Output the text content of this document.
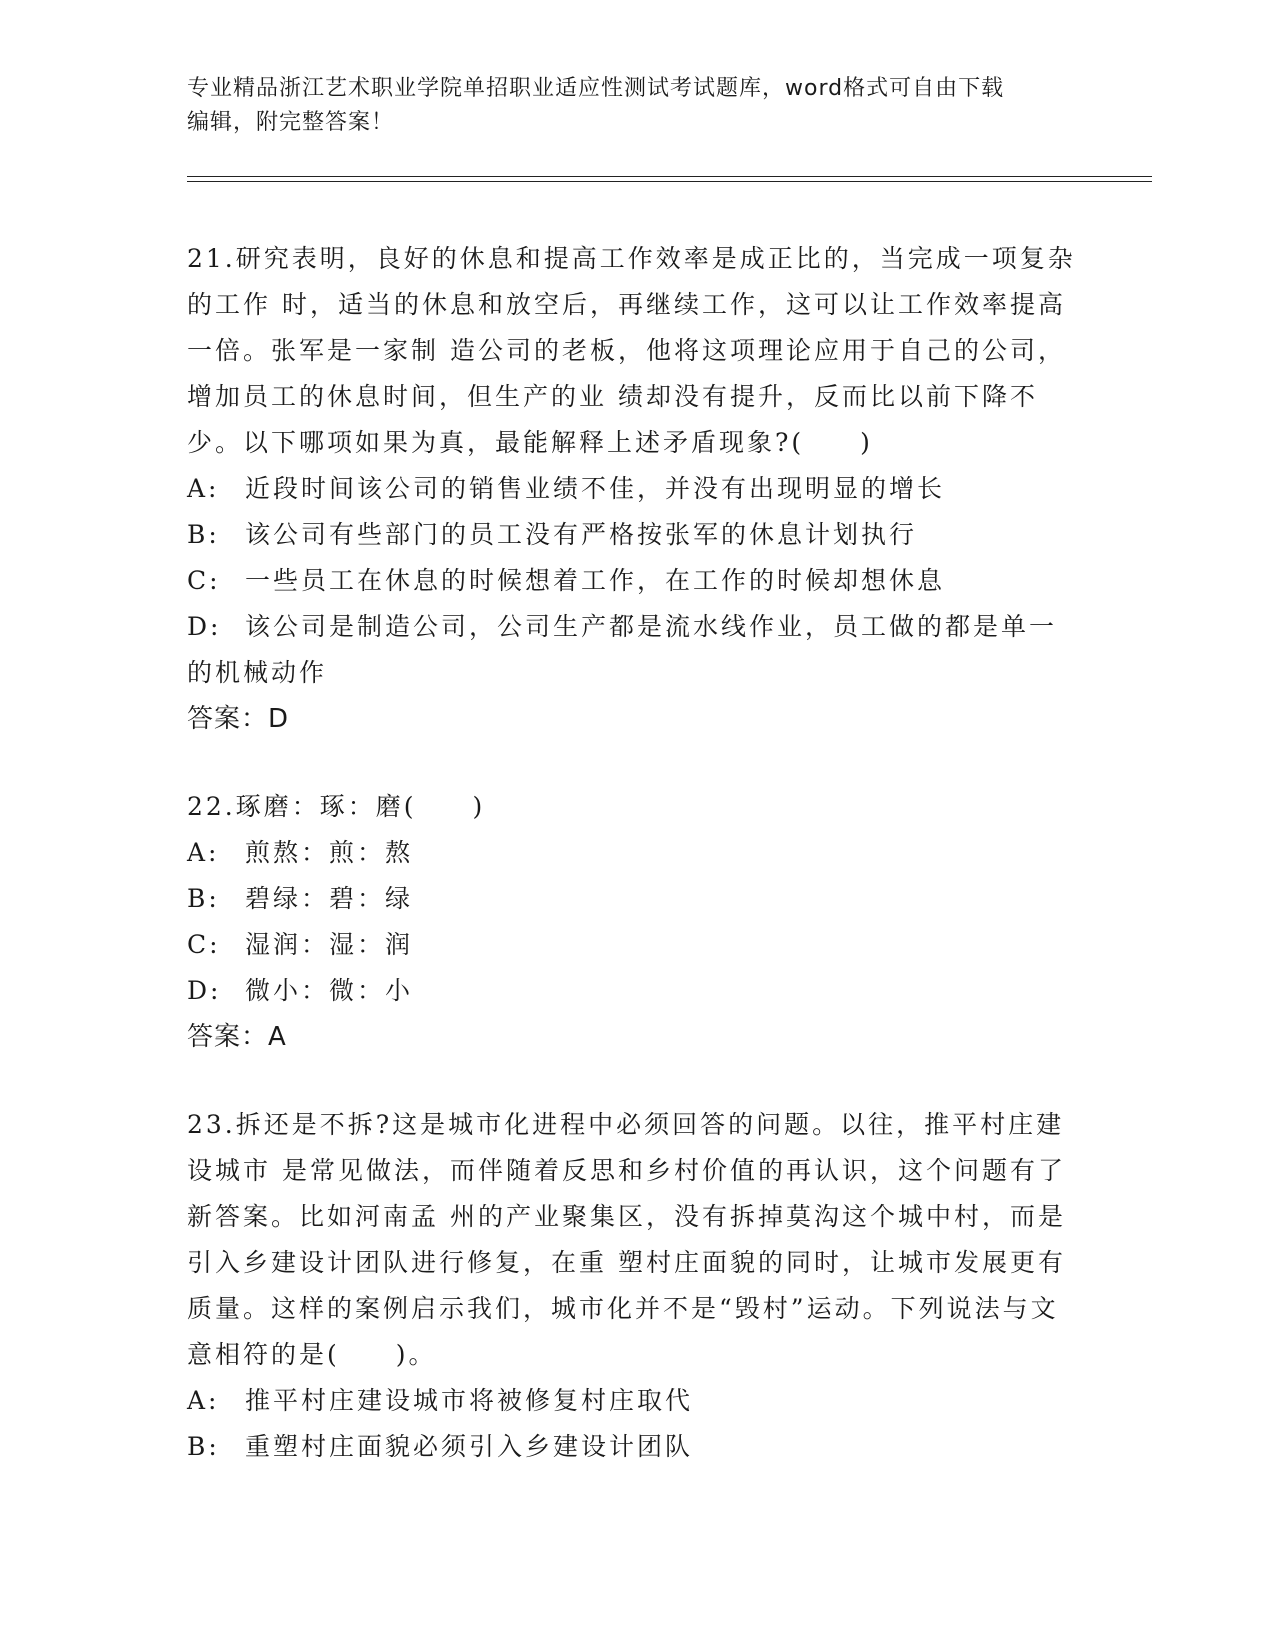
专业精品浙江艺术职业学院单招职业适应性测试考试题库，word格式可自由下载
编辑，附完整答案！

21.研究表明，良好的休息和提高工作效率是成正比的，当完成一项复杂的工作 时，适当的休息和放空后，再继续工作，这可以让工作效率提高一倍。张军是一家制 造公司的老板，他将这项理论应用于自己的公司，增加员工的休息时间，但生产的业 绩却没有提升，反而比以前下降不少。以下哪项如果为真，最能解释上述矛盾现象?(　　)

A:	近段时间该公司的销售业绩不佳，并没有出现明显的增长
B:	该公司有些部门的员工没有严格按张军的休息计划执行
C: 一些员工在休息的时候想着工作，在工作的时候却想休息
D: 该公司是制造公司，公司生产都是流水线作业，员工做的都是单一的机械动作

答案：D

22.琢磨：琢：磨(　　)

A:	煎熬：煎：熬
B:	碧绿：碧：绿
C: 湿润：湿：润
D: 微小：微：小

答案：A

23.拆还是不拆?这是城市化进程中必须回答的问题。以往，推平村庄建设城市 是常见做法，而伴随着反思和乡村价值的再认识，这个问题有了新答案。比如河南孟 州的产业聚集区，没有拆掉莫沟这个城中村，而是引入乡建设计团队进行修复，在重 塑村庄面貌的同时，让城市发展更有质量。这样的案例启示我们，城市化并不是“毁村”运动。下列说法与文意相符的是(　　)。

A:	推平村庄建设城市将被修复村庄取代
B:	重塑村庄面貌必须引入乡建设计团队
